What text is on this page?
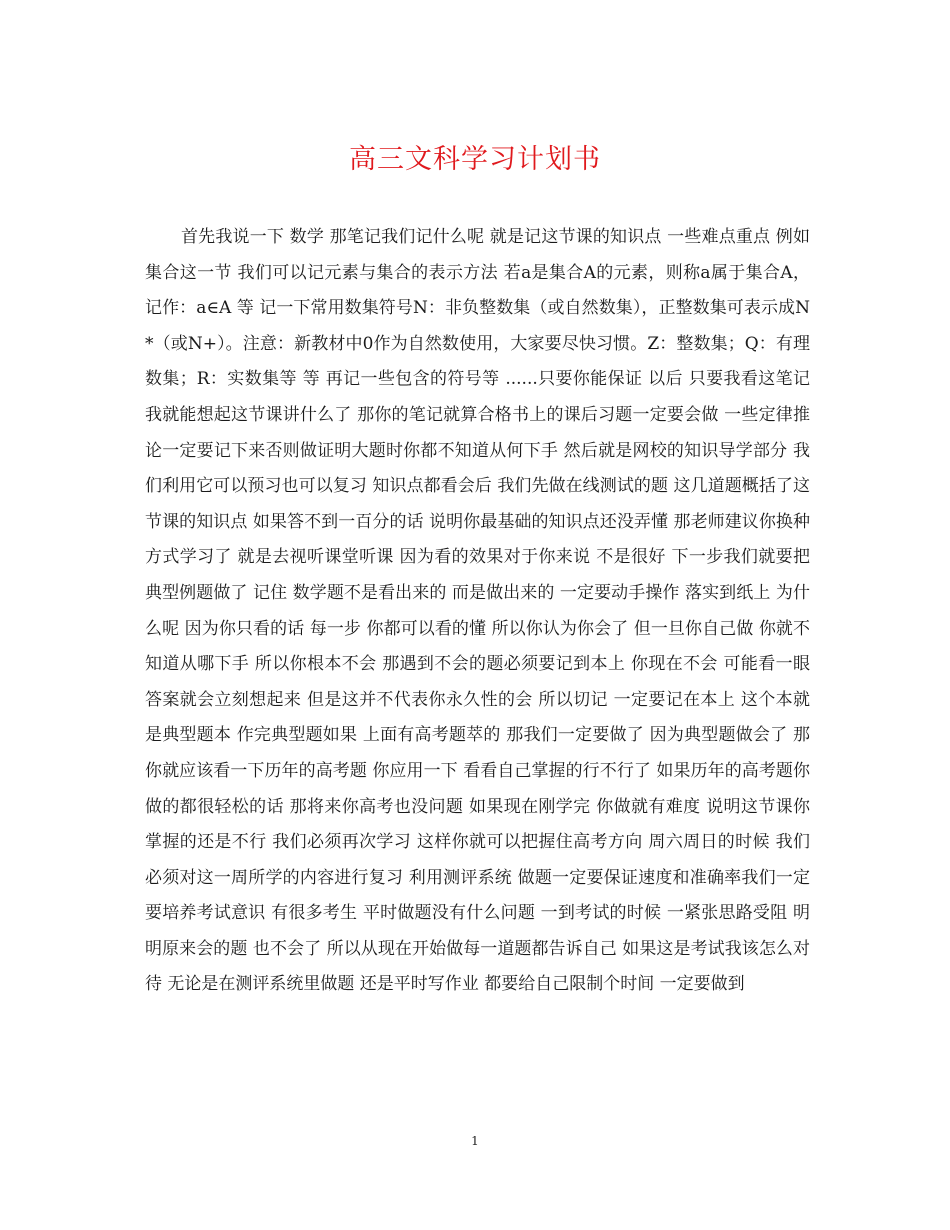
高三文科学习计划书
首先我说一下 数学 那笔记我们记什么呢 就是记这节课的知识点 一些难点重点 例如 集合这一节 我们可以记元素与集合的表示方法 若a是集合A的元素，则称a属于集合A，记作：a∈A 等 记一下常用数集符号N：非负整数集（或自然数集），正整数集可表示成N*（或N+）。注意：新教材中0作为自然数使用，大家要尽快习惯。Z：整数集；Q：有理数集；R：实数集等 等 再记一些包含的符号等 ......只要你能保证 以后 只要我看这笔记 我就能想起这节课讲什么了 那你的笔记就算合格书上的课后习题一定要会做 一些定律推论一定要记下来否则做证明大题时你都不知道从何下手 然后就是网校的知识导学部分 我们利用它可以预习也可以复习 知识点都看会后 我们先做在线测试的题 这几道题概括了这节课的知识点 如果答不到一百分的话 说明你最基础的知识点还没弄懂 那老师建议你换种方式学习了 就是去视听课堂听课 因为看的效果对于你来说 不是很好 下一步我们就要把典型例题做了 记住 数学题不是看出来的 而是做出来的 一定要动手操作 落实到纸上 为什么呢 因为你只看的话 每一步 你都可以看的懂 所以你认为你会了 但一旦你自己做 你就不知道从哪下手 所以你根本不会 那遇到不会的题必须要记到本上 你现在不会 可能看一眼答案就会立刻想起来 但是这并不代表你永久性的会 所以切记 一定要记在本上 这个本就是典型题本 作完典型题如果 上面有高考题萃的 那我们一定要做了 因为典型题做会了 那你就应该看一下历年的高考题 你应用一下 看看自己掌握的行不行了 如果历年的高考题你做的都很轻松的话 那将来你高考也没问题 如果现在刚学完 你做就有难度 说明这节课你掌握的还是不行 我们必须再次学习 这样你就可以把握住高考方向 周六周日的时候 我们必须对这一周所学的内容进行复习 利用测评系统 做题一定要保证速度和准确率我们一定要培养考试意识 有很多考生 平时做题没有什么问题 一到考试的时候 一紧张思路受阻 明明原来会的题 也不会了 所以从现在开始做每一道题都告诉自己 如果这是考试我该怎么对待 无论是在测评系统里做题 还是平时写作业 都要给自己限制个时间 一定要做到
1
